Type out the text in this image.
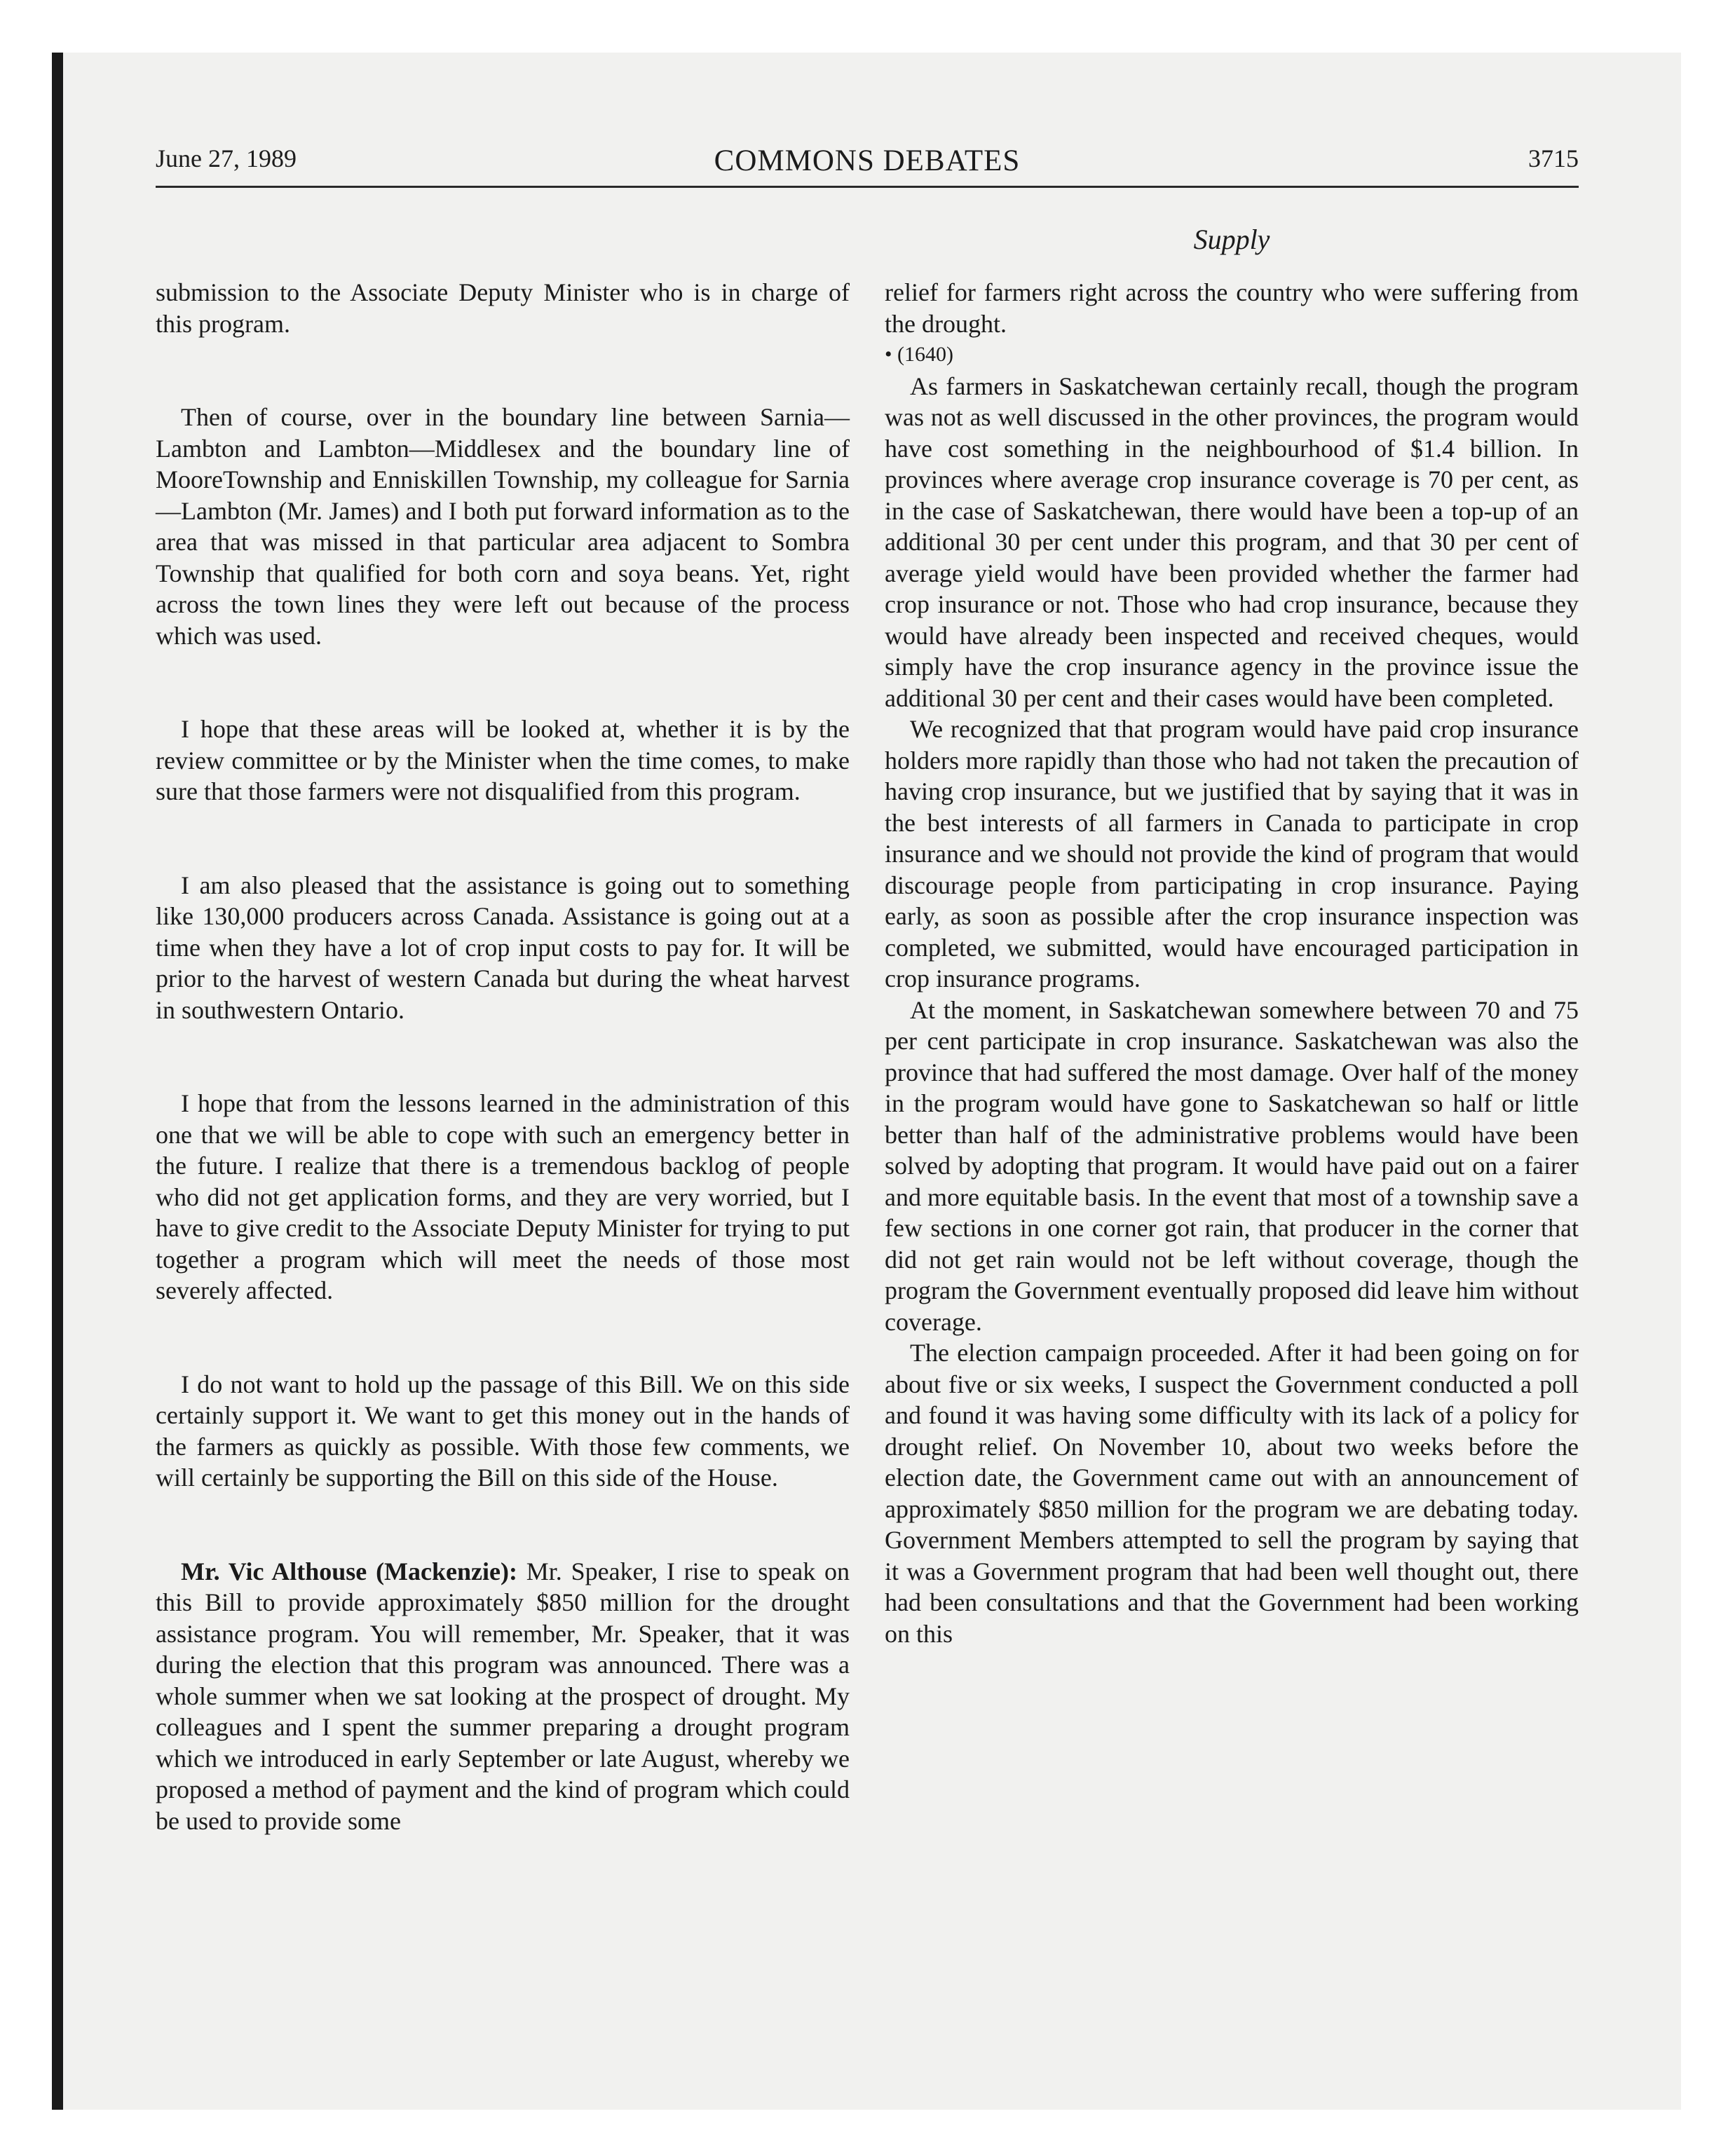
June 27, 1989	COMMONS DEBATES	3715
Supply

submission to the Associate Deputy Minister who is in charge of this program.

Then of course, over in the boundary line between Sarnia—Lambton and Lambton—Middlesex and the boundary line of MooreTownship and Enniskillen Township, my colleague for Sarnia—Lambton (Mr. James) and I both put forward information as to the area that was missed in that particular area adjacent to Sombra Township that qualified for both corn and soya beans. Yet, right across the town lines they were left out because of the process which was used.

I hope that these areas will be looked at, whether it is by the review committee or by the Minister when the time comes, to make sure that those farmers were not disqualified from this program.

I am also pleased that the assistance is going out to something like 130,000 producers across Canada. Assistance is going out at a time when they have a lot of crop input costs to pay for. It will be prior to the harvest of western Canada but during the wheat harvest in southwestern Ontario.

I hope that from the lessons learned in the administration of this one that we will be able to cope with such an emergency better in the future. I realize that there is a tremendous backlog of people who did not get application forms, and they are very worried, but I have to give credit to the Associate Deputy Minister for trying to put together a program which will meet the needs of those most severely affected.

I do not want to hold up the passage of this Bill. We on this side certainly support it. We want to get this money out in the hands of the farmers as quickly as possible. With those few comments, we will certainly be supporting the Bill on this side of the House.

Mr. Vic Althouse (Mackenzie): Mr. Speaker, I rise to speak on this Bill to provide approximately $850 million for the drought assistance program. You will remember, Mr. Speaker, that it was during the election that this program was announced. There was a whole summer when we sat looking at the prospect of drought. My colleagues and I spent the summer preparing a drought program which we introduced in early September or late August, whereby we proposed a method of payment and the kind of program which could be used to provide some

relief for farmers right across the country who were suffering from the drought.

• (1640)

As farmers in Saskatchewan certainly recall, though the program was not as well discussed in the other provinces, the program would have cost something in the neighbourhood of $1.4 billion. In provinces where average crop insurance coverage is 70 per cent, as in the case of Saskatchewan, there would have been a top-up of an additional 30 per cent under this program, and that 30 per cent of average yield would have been provided whether the farmer had crop insurance or not. Those who had crop insurance, because they would have already been inspected and received cheques, would simply have the crop insurance agency in the province issue the additional 30 per cent and their cases would have been completed.

We recognized that that program would have paid crop insurance holders more rapidly than those who had not taken the precaution of having crop insurance, but we justified that by saying that it was in the best interests of all farmers in Canada to participate in crop insurance and we should not provide the kind of program that would discourage people from participating in crop insurance. Paying early, as soon as possible after the crop insurance inspection was completed, we submitted, would have encouraged participation in crop insurance programs.

At the moment, in Saskatchewan somewhere between 70 and 75 per cent participate in crop insurance. Saskatchewan was also the province that had suffered the most damage. Over half of the money in the program would have gone to Saskatchewan so half or little better than half of the administrative problems would have been solved by adopting that program. It would have paid out on a fairer and more equitable basis. In the event that most of a township save a few sections in one corner got rain, that producer in the corner that did not get rain would not be left without coverage, though the program the Government eventually proposed did leave him without coverage.

The election campaign proceeded. After it had been going on for about five or six weeks, I suspect the Government conducted a poll and found it was having some difficulty with its lack of a policy for drought relief. On November 10, about two weeks before the election date, the Government came out with an announcement of approximately $850 million for the program we are debating today. Government Members attempted to sell the program by saying that it was a Government program that had been well thought out, there had been consultations and that the Government had been working on this
